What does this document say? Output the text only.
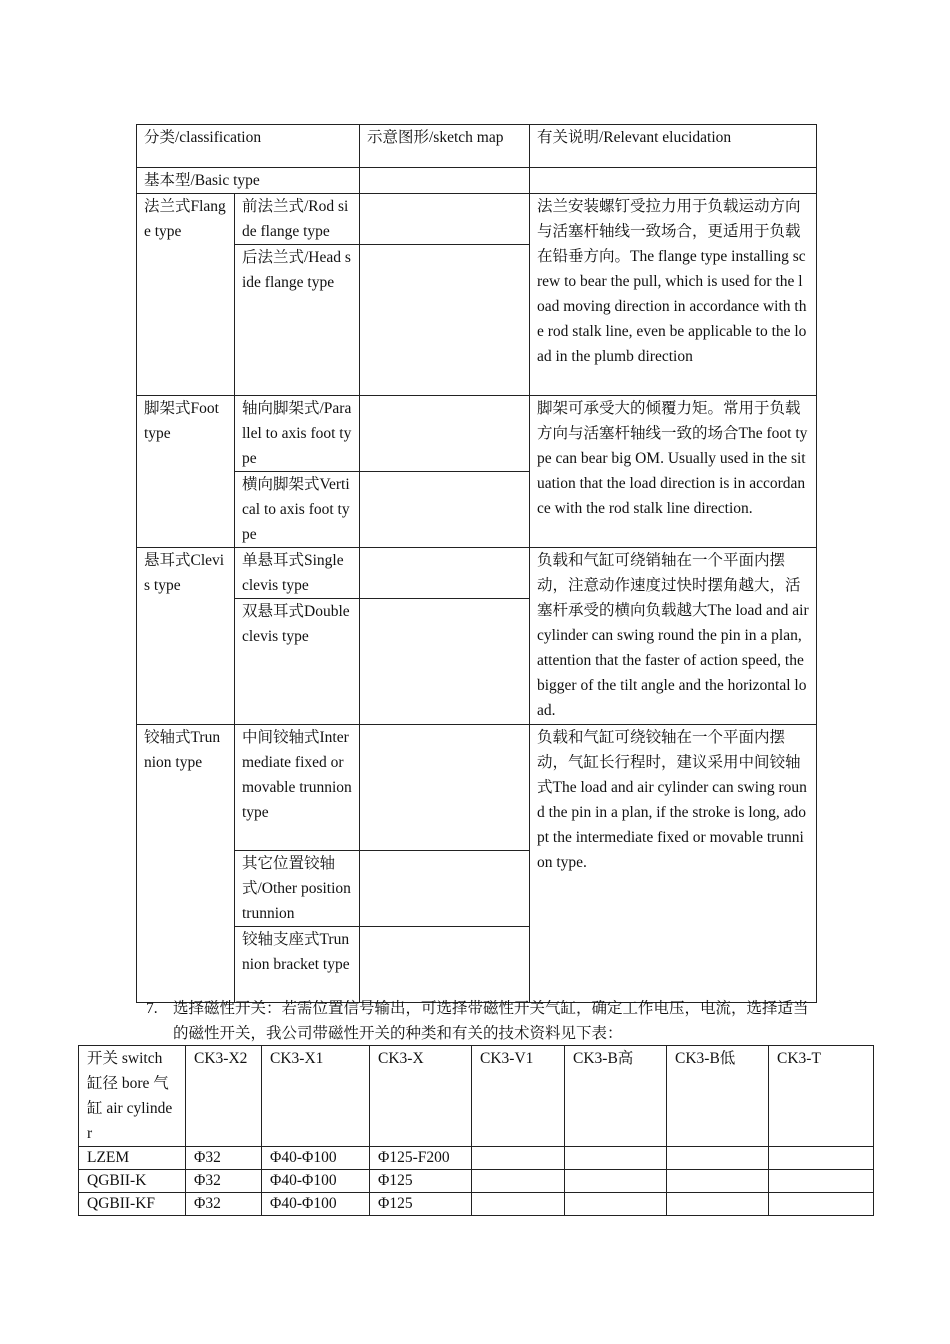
分类/classification		示意图形/sketch map	有关说明/Relevant elucidation
基本型/Basic type			
法兰式Flange type	前法兰式/Rod side flange type		法兰安装螺钉受拉力用于负载运动方向与活塞杆轴线一致场合，更适用于负载在铅垂方向。The flange type installing screw to bear the pull, which is used for the load moving direction in accordance with the rod stalk line, even be applicable to the load in the plumb direction
	后法兰式/Head side flange type		
脚架式Foot type	轴向脚架式/Parallel to axis foot type		脚架可承受大的倾覆力矩。常用于负载方向与活塞杆轴线一致的场合The foot type can bear big OM. Usually used in the situation that the load direction is in accordance with the rod stalk line direction.
	横向脚架式Vertical to axis foot type		
悬耳式Clevis type	单悬耳式Single clevis type		负载和气缸可绕销轴在一个平面内摆动，注意动作速度过快时摆角越大，活塞杆承受的横向负载越大The load and air cylinder can swing round the pin in a plan, attention that the faster of action speed, the bigger of the tilt angle and the horizontal load.
	双悬耳式Double clevis type		
铰轴式Trunnion type	中间铰轴式Intermediate fixed or movable trunnion type		负载和气缸可绕铰轴在一个平面内摆动，气缸长行程时，建议采用中间铰轴式The load and air cylinder can swing round the pin in a plan, if the stroke is long, adopt the intermediate fixed or movable trunnion type.
	其它位置铰轴式/Other position trunnion		
	铰轴支座式Trunnion bracket type		
7. 选择磁性开关：若需位置信号输出，可选择带磁性开关气缸，确定工作电压，电流，选择适当的磁性开关，我公司带磁性开关的种类和有关的技术资料见下表：
开关 switch 缸径 bore 气缸 air cylinder	CK3-X2	CK3-X1	CK3-X	CK3-V1	CK3-B高	CK3-B低	CK3-T
LZEM	Φ32	Φ40-Φ100	Φ125-F200				
QGBII-K	Φ32	Φ40-Φ100	Φ125				
QGBII-KF	Φ32	Φ40-Φ100	Φ125				
